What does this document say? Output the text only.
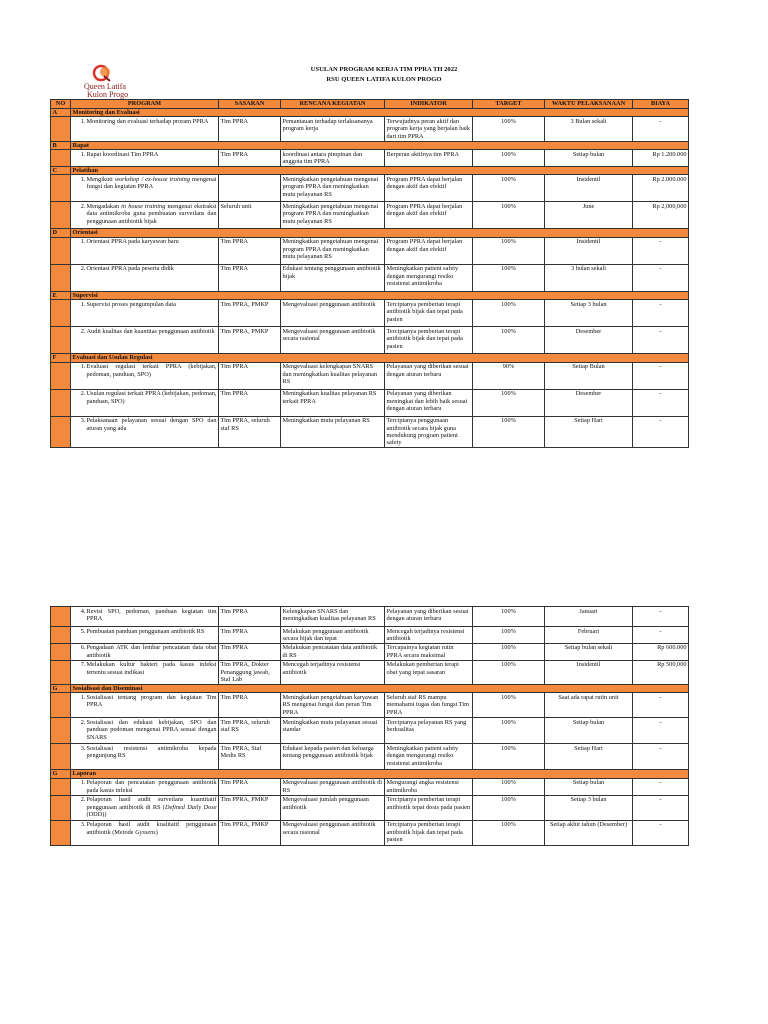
Queen Latifa
Kulon Progo
USULAN PROGRAM KERJA TIM PPRA TH 2022
RSU QUEEN LATIFA KULON PROGO
NO	PROGRAM	SASARAN	RENCANA KEGIATAN	INDIKATOR	TARGET	WAKTU PELAKSANAAN	BIAYA
A	Monitoring dan Evaluasi						

	1. Monitoring dan evaluasi terhadap proram PPRA	Tim PPRA	Pemantauan terhadap terlaksananya program kerja	Terwujudnya peran aktif dan program kerja yang berjalan baik dari tim PPRA	100%	3 Bulan sekali	-
B	Rapat						

	1. Rapat koordinasi Tim PPRA	Tim PPRA	koordinasi antara pimpinan dan anggota tim PPRA	Berperan aktifnya tim PPRA	100%	Setiap bulan	Rp 1.200.000
C	Pelatihan						

	1. Mengikuti workshop / ex-house training mengenai fungsi dan kegiatan PPRA		Meningkatkan pengetahuan mengenai program PPRA dan meningkatkan mutu pelayanan RS	Program PPRA dapat berjalan dengan aktif dan efektif	100%	Insidentil	Rp 2.000.000

	2. Mengadakan in house training mengenai ekstraksi data antimikroba guna pembuatan surveilans dan penggunaan antibiotik bijak	Seluruh unit	Meningkatkan pengetahuan mengenai program PPRA dan meningkatkan mutu pelayanan RS	Program PPRA dapat berjalan dengan aktif dan efektif	100%	June	Rp 2,000,000
D	Orientasi						

	1. Orientasi PPRA pada karyawan baru	Tim PPRA	Meningkatkan pengetahuan mengenai program PPRA dan meningkatkan mutu pelayanan RS	Program PPRA dapat berjalan dengan aktif dan efektif	100%	Insidentil	-

	2. Orientasi PPRA pada peserta didik	Tim PPRA	Edukasi tentang penggunaan antibiotik bijak	Meningkatkan patient safety dengan mengurangi resiko resistensi antimikroba	100%	3 bulan sekali	-
E	Supervisi						

	1. Supervisi proses pengumpulan data	Tim PPRA, PMKP	Mengevaluasi penggunaan antibiotik	Terciptanya pemberian terapi antibiotik bijak dan tepat pada pasien	100%	Setiap 3 bulan	-

	2. Audit kualitas dan kuantitas penggunaan antibiotik	Tim PPRA, PMKP	Mengevaluasi penggunaan antibiotik secara rasional	Terciptanya pemberian terapi antibiotik bijak dan tepat pada pasien	100%	Desember	-
F	Evaluasi dan Usulan Regulasi						

	1. Evaluasi regulasi terkait PPRA (kebijakan, pedoman, panduan, SPO)	Tim PPRA	Mengevaluasi kelengkapan SNARS dan meningkatkan kualitas pelayanan RS	Pelayanan yang diberikan sesuai dengan aturan terbaru	90%	Setiap Bulan	-

	2. Usulan regulasi terkait PPRA (kebijakan, pedoman, panduan, SPO)	Tim PPRA	Meningkatkan kualitas pelayanan RS terkait PPRA	Pelayanan yang diberikan meningkat dan lebih baik sesuai dengan aturan terbaru	100%	Desember	-

	3. Pelaksanaan pelayanan sesuai dengan SPO dan aturan yang ada	Tim PPRA, seluruh staf RS	Meningkatkan mutu pelayanan RS	Terciptanya penggunaan antibiotik secara bijak guna mendukung program patient safety	100%	Setiap Hari	-

	4. Revisi SPO, pedoman, panduan kegiatan tim PPRA	Tim PPRA	Kelengkapan SNARS dan meningkatkan kualitas pelayanan RS	Pelayanan yang diberikan sesuai dengan aturan terbaru	100%	Januari	-

	5. Pembuatan panduan penggunaan antibiotik RS	Tim PPRA	Melakukan penggunaan antibiotik secara bijak dan tepat	Mencegah terjadinya resistensi antibiotik	100%	Februari	-

	6. Pengadaan ATK dan lembar pencatatan data obat antibiotik	Tim PPRA	Melakukan pencatatan data antibiotik di RS	Tercapainya kegiatan rutin PPRA secara maksimal	100%	Setiap bulan sekali	Rp 600.000

	7. Melakukan kultur bakteri pada kasus infeksi tertentu sesuai indikasi	Tim PPRA, Dokter Penanggung jawab, Staf Lab	Mencegah terjadinya resistensi antibiotik	Melakukan pemberian terapi obat yang tepat sasaran	100%	Insidentil	Rp 500,000
G	Sosialisasi dan Diseminasi						

	1. Sosialisasi tentang program dan kegiatan Tim PPRA	Tim PPRA	Meningkatkan pengetahuan karyawan RS mengenai fungsi dan peran Tim PPRA	Seluruh staf RS mampu memahami tugas dan fungsi Tim PPRA	100%	Saat ada rapat rutin unit	-

	2. Sosialisasi dan edukasi kebijakan, SPO dan panduan pedoman mengenai PPRA sesuai dengan SNARS	Tim PPRA, seluruh staf RS	Meningkatkan mutu pelayanan sesuai standar	Terciptanya pelayanan RS yang berkualitas	100%	Setiap bulan	-

	3. Sosialisasi resistensi antimikroba kepada pengunjung RS	Tim PPRA, Staf Medis RS	Edukasi kepada pasien dan keluarga tentang penggunaan antibiotik bijak	Meningkatkan patient safety dengan mengurangi resiko resistensi antimikroba	100%	Setiap Hari	-
G	Laporan						

	1. Pelaporan dan pencatatan penggunaan antibiotik pada kasus infeksi	Tim PPRA	Mengevaluasi penggunaan antibiotik di RS	Mengurangi angka resistensi antimikroba	100%	Setiap bulan	-

	2. Pelaporan hasil audit surveilans kuantitatif penggunaan antibiotik di RS (Defined Daily Dose (DDD))	Tim PPRA, PMKP	Mengevaluasi jumlah penggunaan antibiotik	Terciptanya pemberian terapi antibiotik tepat dosis pada pasien	100%	Setiap 3 bulan	-

	3. Pelaporan hasil audit kualitatif penggunaan antibiotik (Metode Gyssens)	Tim PPRA, PMKP	Mengevaluasi penggunaan antibiotik secara rasional	Terciptanya pemberian terapi antibiotik bijak dan tepat pada pasien	100%	Setiap akhir tahun (Desember)	-
